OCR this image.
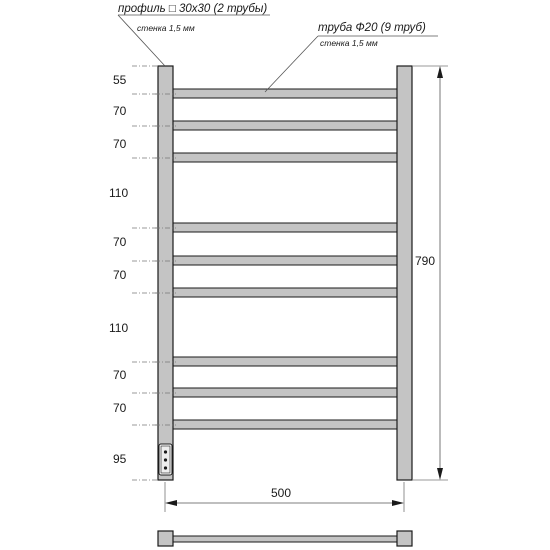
55
70
70
110
70
70
110
70
70
95
790
500
профиль □ 30х30 (2 трубы)
стенка 1,5 мм	труба Ф20 (9 труб)
стенка 1,5 мм
